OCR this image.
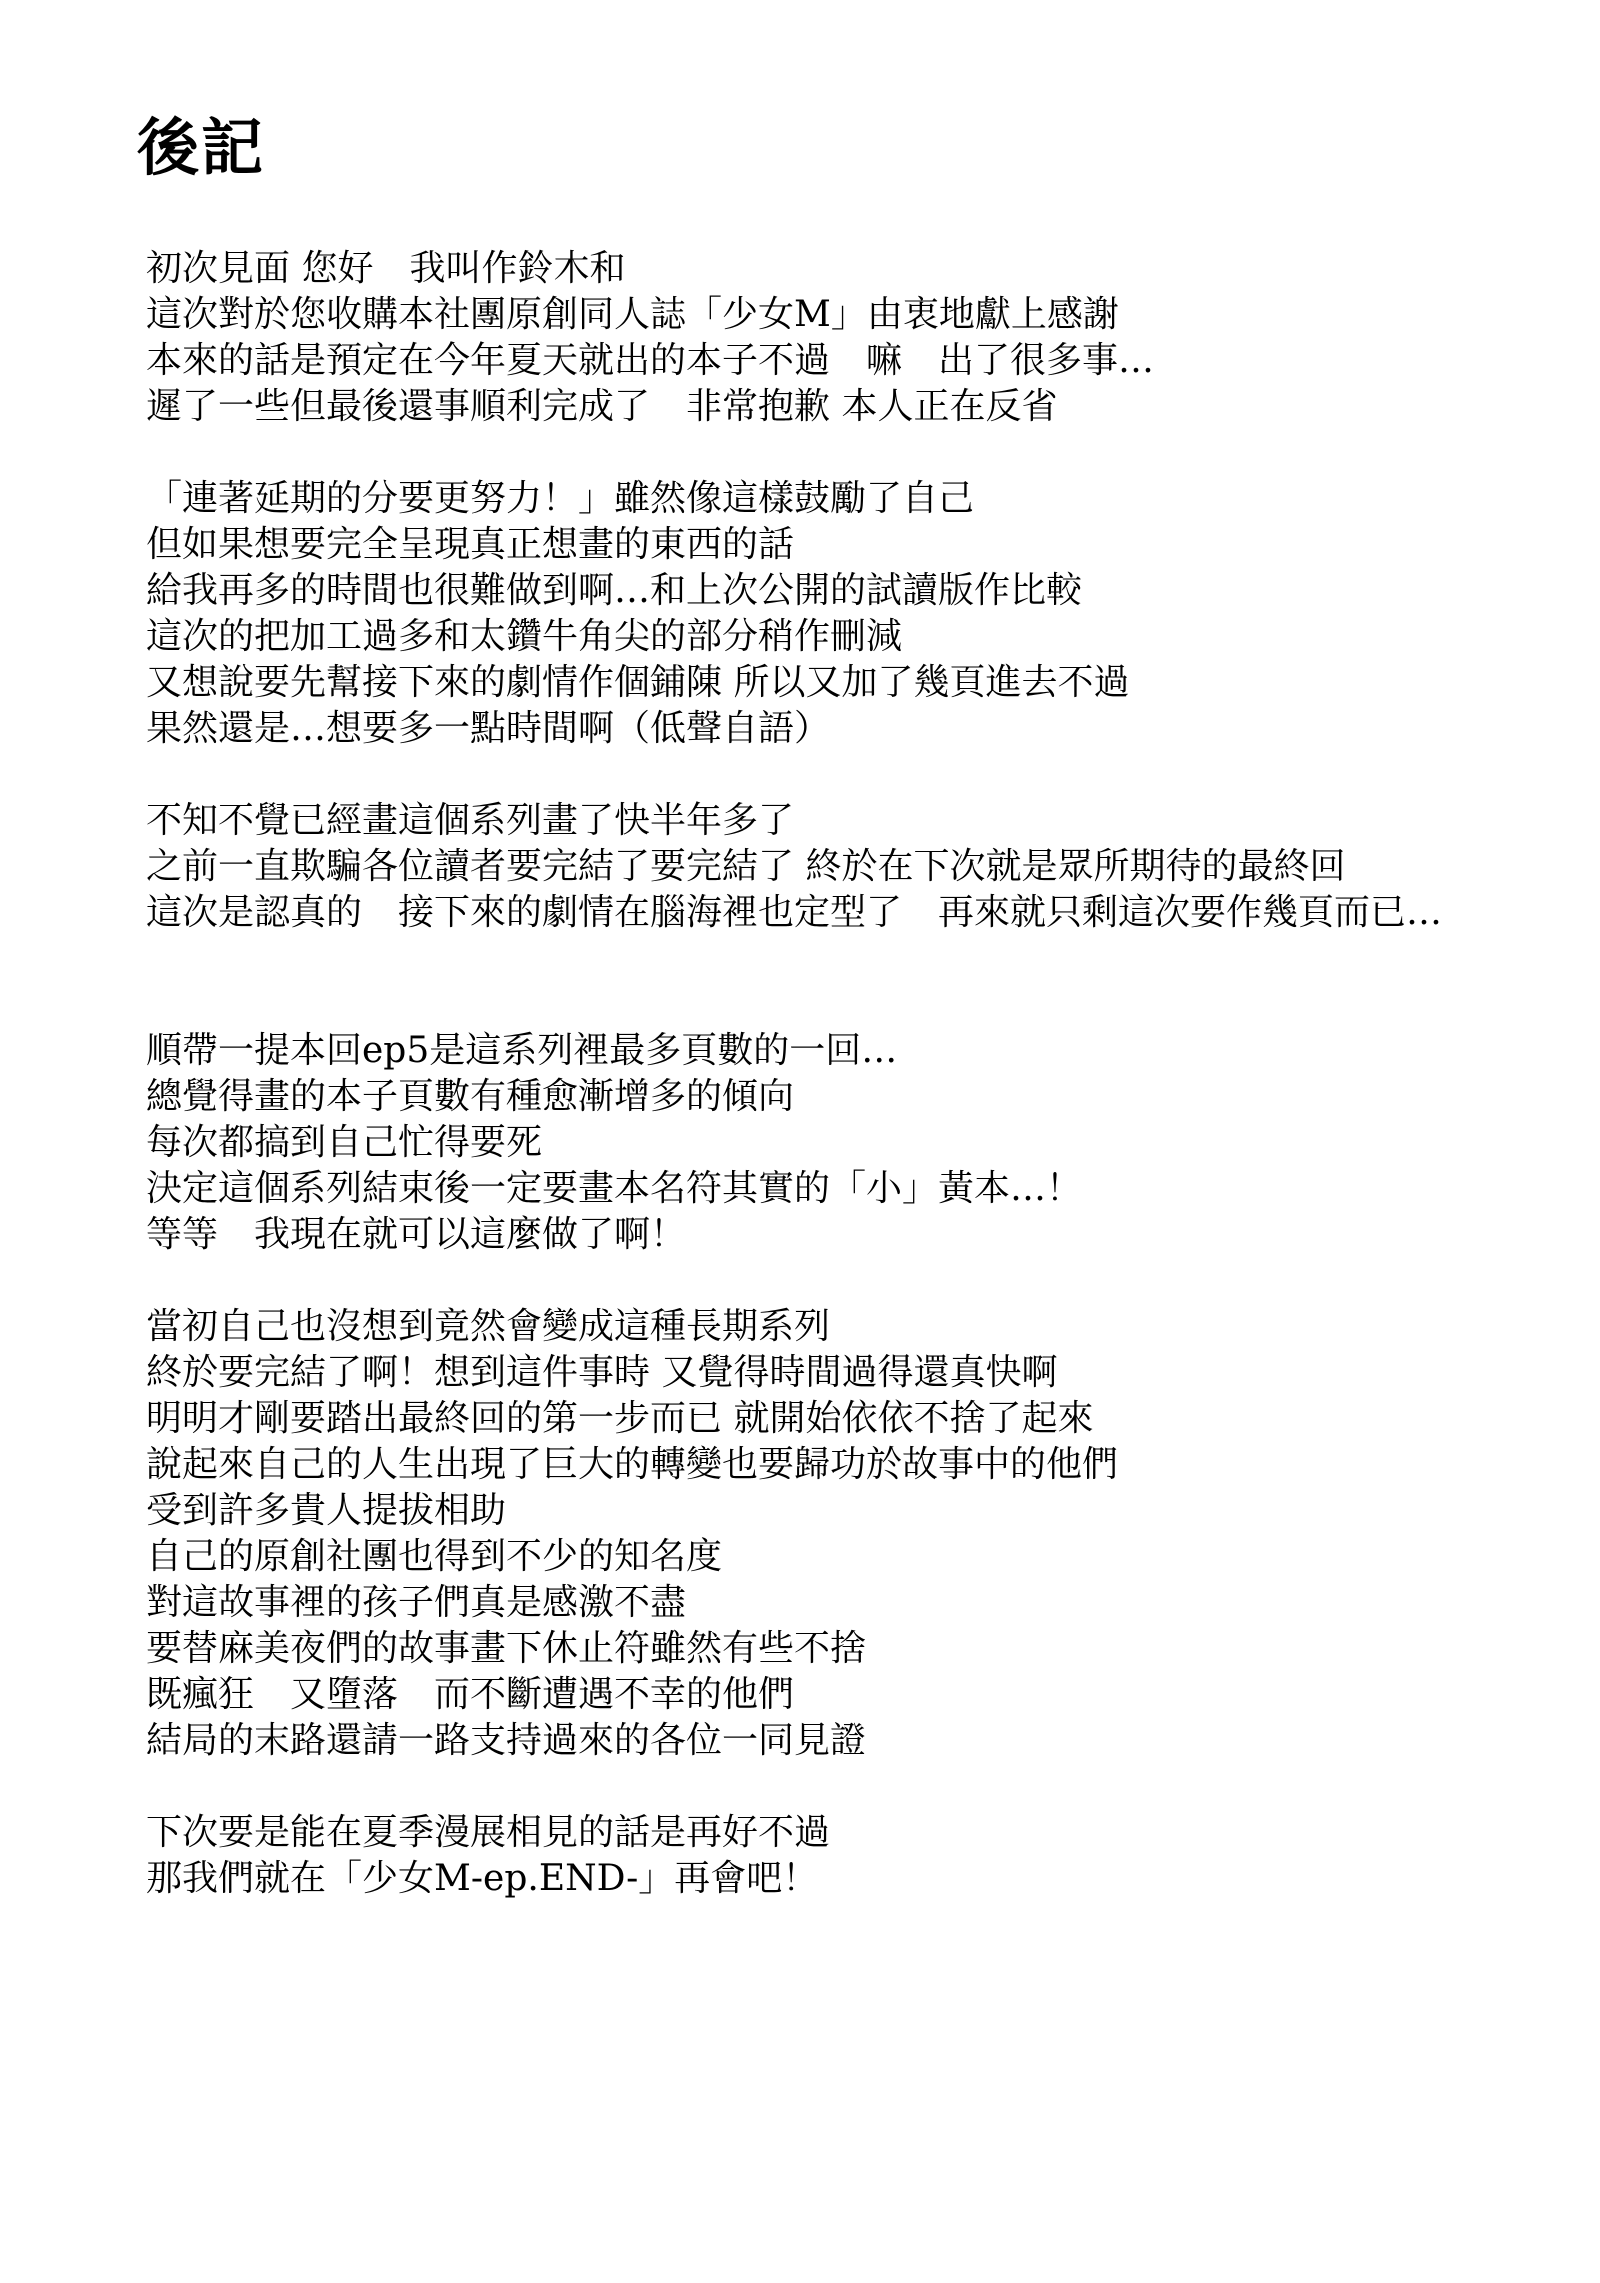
後記
初次見面 您好　我叫作鈴木和
這次對於您收購本社團原創同人誌「少女M」由衷地獻上感謝
本來的話是預定在今年夏天就出的本子不過　嘛　出了很多事…
遲了一些但最後還事順利完成了　非常抱歉 本人正在反省
「連著延期的分要更努力！」雖然像這樣鼓勵了自己
但如果想要完全呈現真正想畫的東西的話
給我再多的時間也很難做到啊…和上次公開的試讀版作比較
這次的把加工過多和太鑽牛角尖的部分稍作刪減
又想說要先幫接下來的劇情作個鋪陳 所以又加了幾頁進去不過
果然還是…想要多一點時間啊（低聲自語）
不知不覺已經畫這個系列畫了快半年多了
之前一直欺騙各位讀者要完結了要完結了 終於在下次就是眾所期待的最終回
這次是認真的　接下來的劇情在腦海裡也定型了　再來就只剩這次要作幾頁而已…
順帶一提本回ep5是這系列裡最多頁數的一回…
總覺得畫的本子頁數有種愈漸增多的傾向
每次都搞到自己忙得要死
決定這個系列結束後一定要畫本名符其實的「小」黃本…！
等等　我現在就可以這麼做了啊！
當初自己也沒想到竟然會變成這種長期系列
終於要完結了啊！想到這件事時 又覺得時間過得還真快啊
明明才剛要踏出最終回的第一步而已 就開始依依不捨了起來
說起來自己的人生出現了巨大的轉變也要歸功於故事中的他們
受到許多貴人提拔相助
自己的原創社團也得到不少的知名度
對這故事裡的孩子們真是感激不盡
要替麻美夜們的故事畫下休止符雖然有些不捨
既瘋狂　又墮落　而不斷遭遇不幸的他們
結局的末路還請一路支持過來的各位一同見證
下次要是能在夏季漫展相見的話是再好不過
那我們就在「少女M-ep.END-」再會吧！
